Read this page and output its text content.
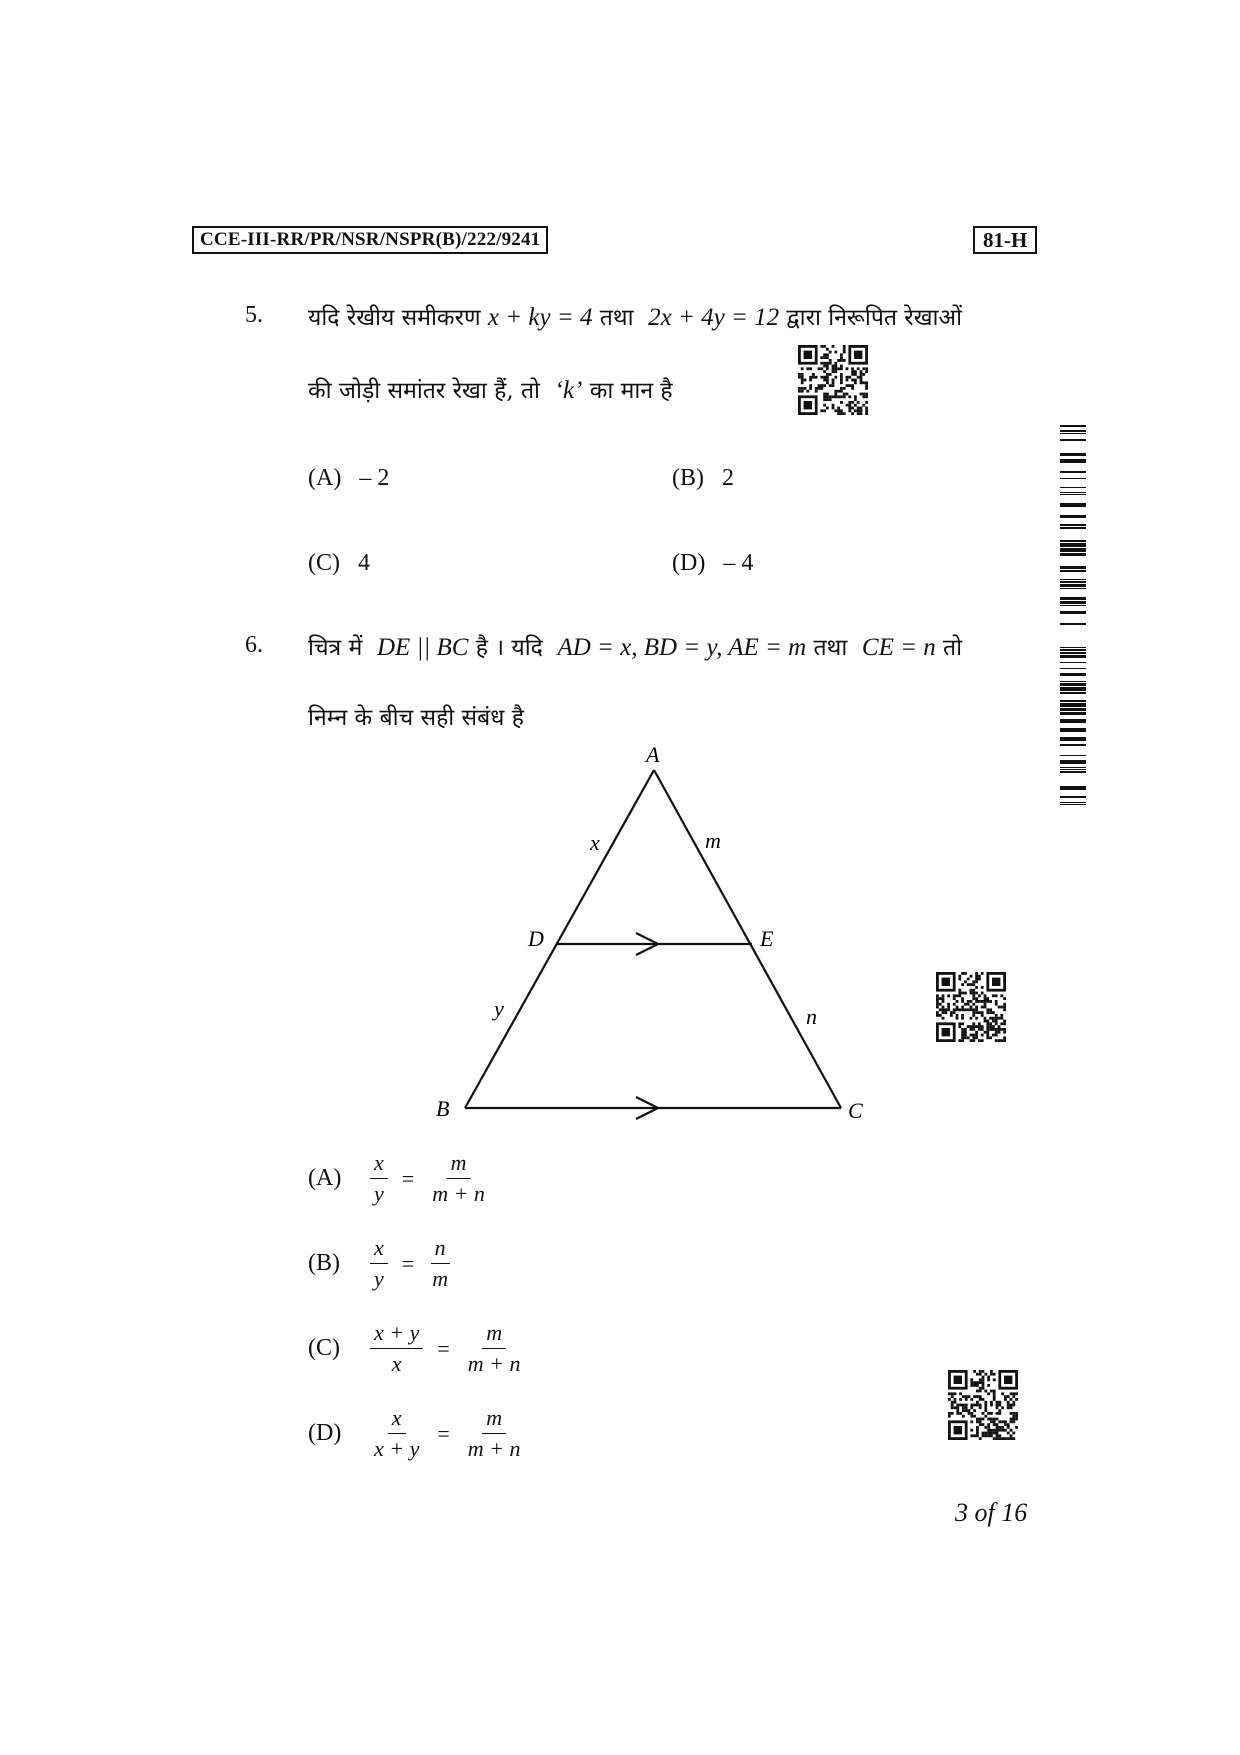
CCE-III-RR/PR/NSR/NSPR(B)/222/9241	81-H
5. यदि रेखीय समीकरण x + ky = 4 तथा 2x + 4y = 12 द्वारा निरूपित रेखाओं
की जोड़ी समांतर रेखा हैं, तो ‘k’ का मान है
(A) – 2	(B) 2
(C) 4	(D) – 4
6. चित्र में DE || BC है । यदि AD = x, BD = y, AE = m तथा CE = n तो
निम्न के बीच सही संबंध है
A
B	C
D	E
x	m
y	n
(A)	$\frac{x}{y} = \frac{m}{m + n}$
(B)	$\frac{x}{y} = \frac{n}{m}$
(C)	$\frac{x + y}{x} = \frac{m}{m + n}$
(D)	$\frac{x}{x + y} = \frac{m}{m + n}$
3 of 16
